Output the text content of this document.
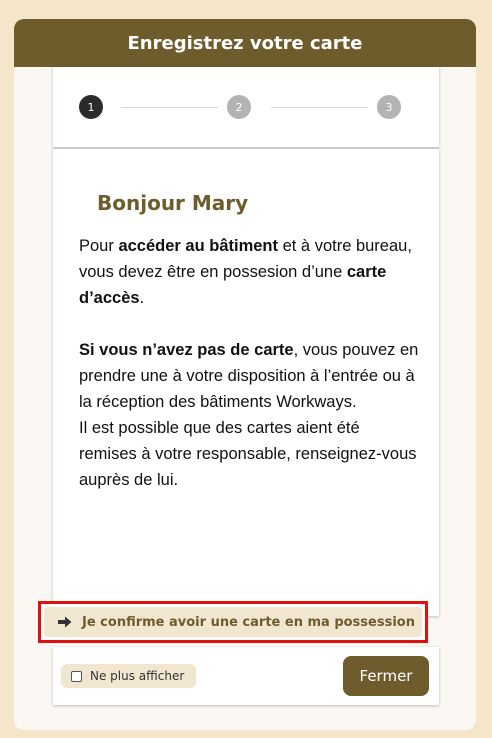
Enregistrez votre carte
1	2	3
Bonjour Mary

Pour accéder au bâtiment et à votre bureau, vous devez être en possesion d’une carte d’accès.

Si vous n’avez pas de carte, vous pouvez en prendre une à votre disposition à l’entrée ou à la réception des bâtiments Workways.

Il est possible que des cartes aient été remises à votre responsable, renseignez-vous auprès de lui.

Je confirme avoir une carte en ma possession
Ne plus afficher	Fermer
